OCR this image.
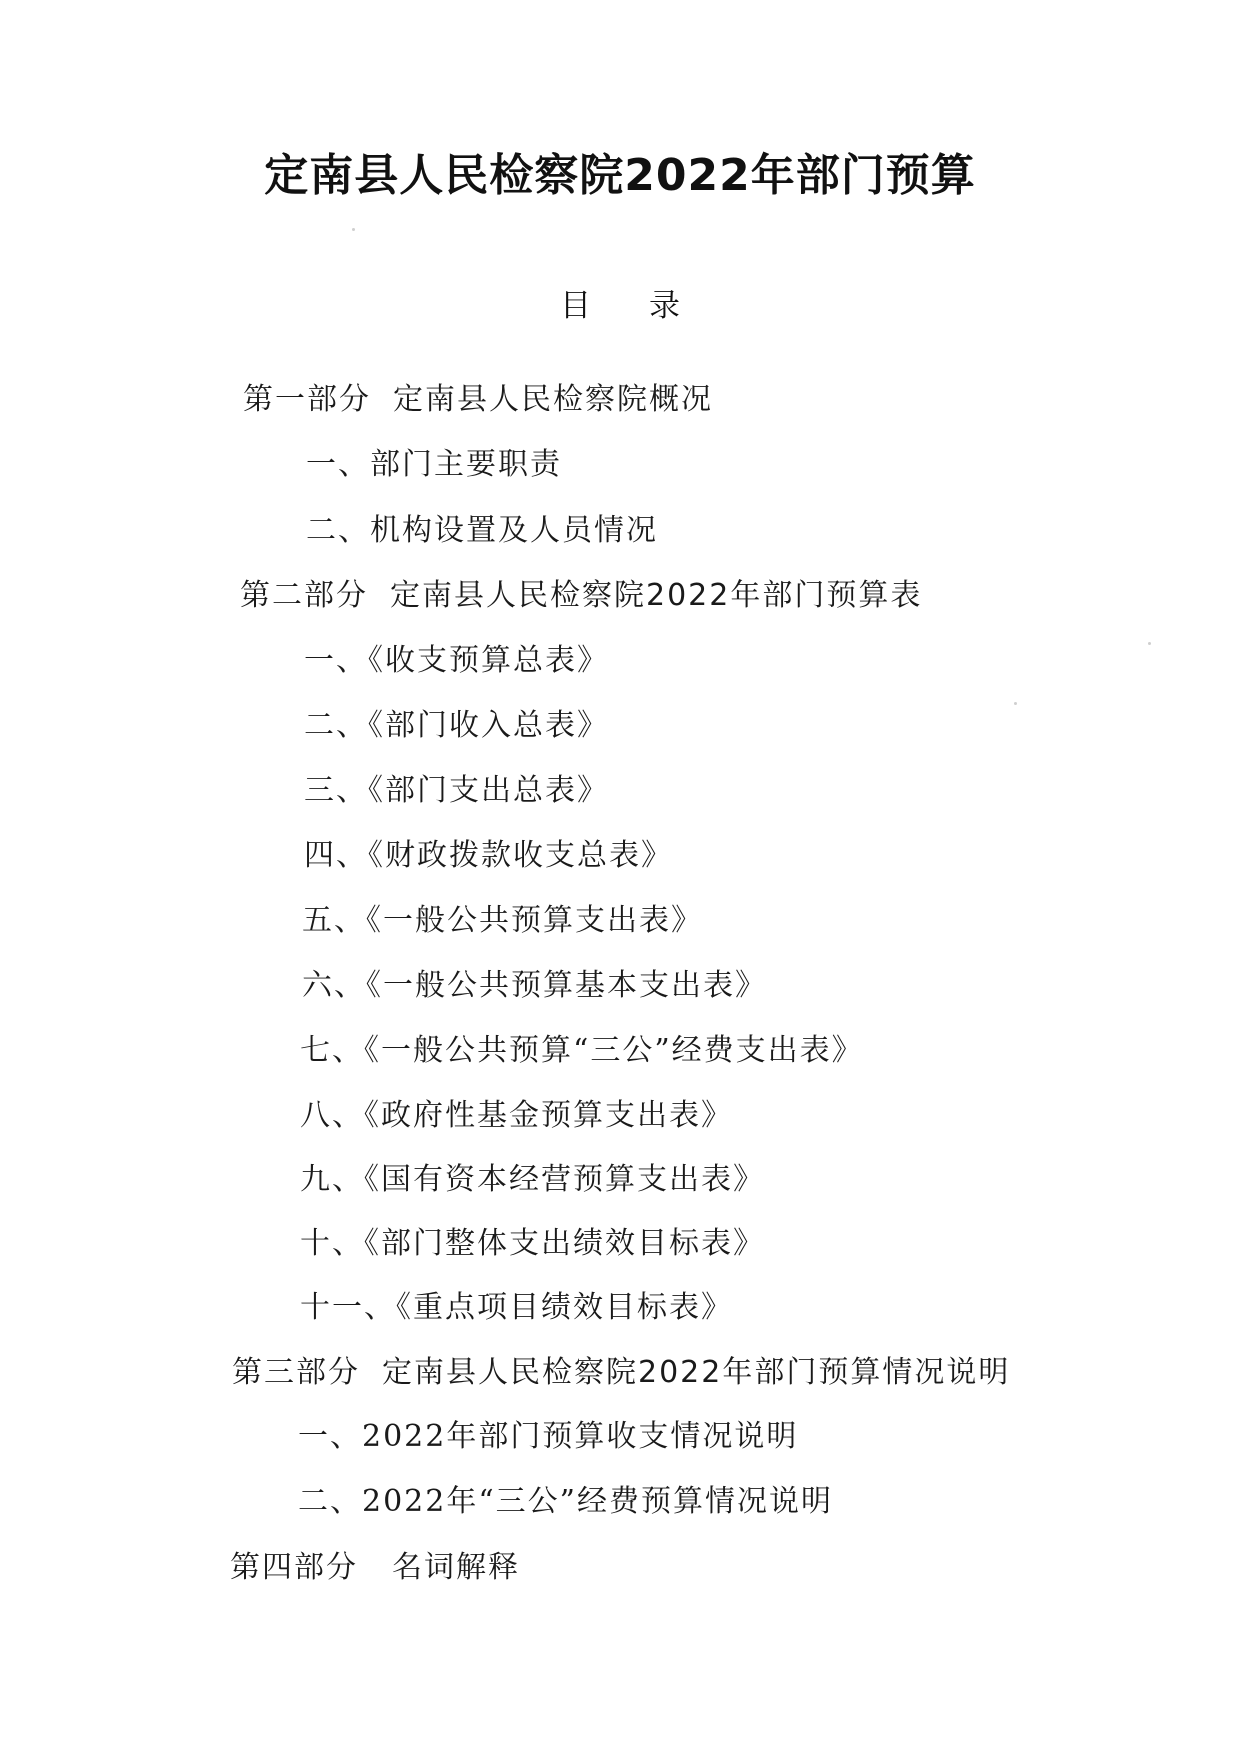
定南县人民检察院2022年部门预算
目录
第一部分 定南县人民检察院概况
一、部门主要职责
二、机构设置及人员情况
第二部分 定南县人民检察院2022年部门预算表
一、《收支预算总表》
二、《部门收入总表》
三、《部门支出总表》
四、《财政拨款收支总表》
五、《一般公共预算支出表》
六、《一般公共预算基本支出表》
七、《一般公共预算“三公”经费支出表》
八、《政府性基金预算支出表》
九、《国有资本经营预算支出表》
十、《部门整体支出绩效目标表》
十一、《重点项目绩效目标表》
第三部分 定南县人民检察院2022年部门预算情况说明
一、2022年部门预算收支情况说明
二、2022年“三公”经费预算情况说明
第四部分 名词解释
